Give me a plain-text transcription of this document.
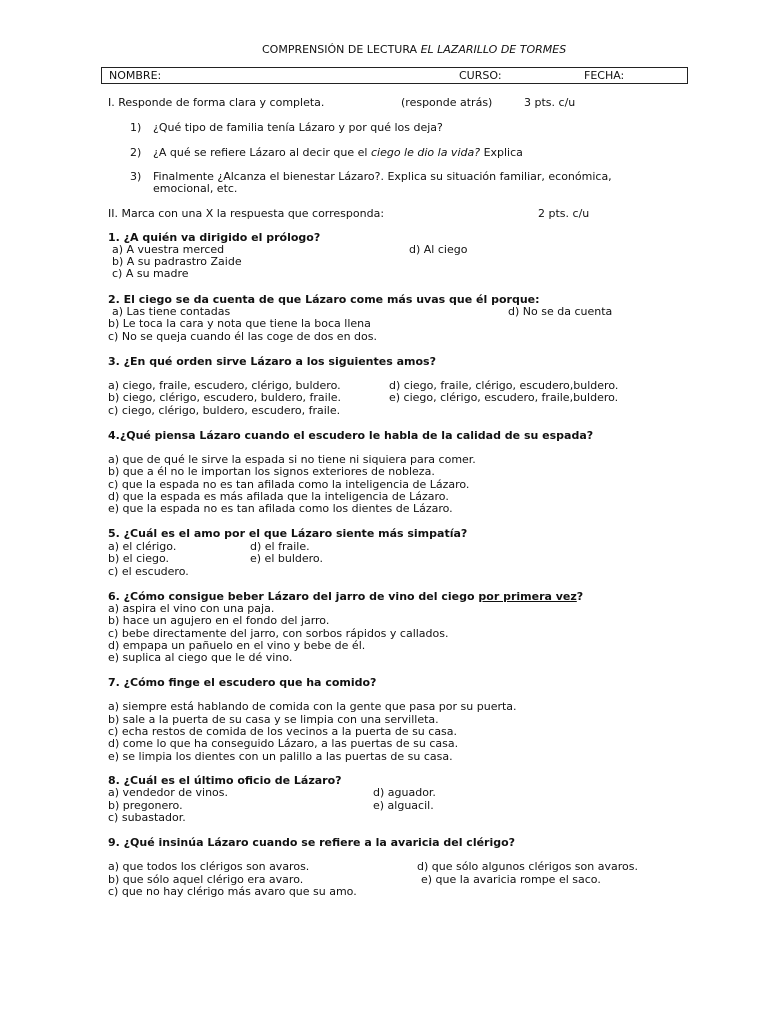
COMPRENSIÓN DE LECTURA EL LAZARILLO DE TORMES
NOMBRE:	CURSO:	FECHA:
I. Responde de forma clara y completa.	(responde atrás)	3 pts. c/u
1) ¿Qué tipo de familia tenía Lázaro y por qué los deja?
2) ¿A qué se refiere Lázaro al decir que el ciego le dio la vida? Explica
3) Finalmente ¿Alcanza el bienestar Lázaro?. Explica su situación familiar, económica,
emocional, etc.
II. Marca con una X la respuesta que corresponda:	2 pts. c/u
1. ¿A quién va dirigido el prólogo?
a) A vuestra merced	d) Al ciego
b) A su padrastro Zaide
c) A su madre
2. El ciego se da cuenta de que Lázaro come más uvas que él porque:
a) Las tiene contadas	d) No se da cuenta
b) Le toca la cara y nota que tiene la boca llena
c) No se queja cuando él las coge de dos en dos.
3. ¿En qué orden sirve Lázaro a los siguientes amos?
a) ciego, fraile, escudero, clérigo, buldero.	d) ciego, fraile, clérigo, escudero,buldero.
b) ciego, clérigo, escudero, buldero, fraile.	e) ciego, clérigo, escudero, fraile,buldero.
c) ciego, clérigo, buldero, escudero, fraile.
4.¿Qué piensa Lázaro cuando el escudero le habla de la calidad de su espada?
a) que de qué le sirve la espada si no tiene ni siquiera para comer.
b) que a él no le importan los signos exteriores de nobleza.
c) que la espada no es tan afilada como la inteligencia de Lázaro.
d) que la espada es más afilada que la inteligencia de Lázaro.
e) que la espada no es tan afilada como los dientes de Lázaro.
5. ¿Cuál es el amo por el que Lázaro siente más simpatía?
a) el clérigo.	d) el fraile.
b) el ciego.	e) el buldero.
c) el escudero.
6. ¿Cómo consigue beber Lázaro del jarro de vino del ciego por primera vez?
a) aspira el vino con una paja.
b) hace un agujero en el fondo del jarro.
c) bebe directamente del jarro, con sorbos rápidos y callados.
d) empapa un pañuelo en el vino y bebe de él.
e) suplica al ciego que le dé vino.
7. ¿Cómo finge el escudero que ha comido?
a) siempre está hablando de comida con la gente que pasa por su puerta.
b) sale a la puerta de su casa y se limpia con una servilleta.
c) echa restos de comida de los vecinos a la puerta de su casa.
d) come lo que ha conseguido Lázaro, a las puertas de su casa.
e) se limpia los dientes con un palillo a las puertas de su casa.
8. ¿Cuál es el último oficio de Lázaro?
a) vendedor de vinos.	d) aguador.
b) pregonero.	e) alguacil.
c) subastador.
9. ¿Qué insinúa Lázaro cuando se refiere a la avaricia del clérigo?
a) que todos los clérigos son avaros.	d) que sólo algunos clérigos son avaros.
b) que sólo aquel clérigo era avaro.	e) que la avaricia rompe el saco.
c) que no hay clérigo más avaro que su amo.
